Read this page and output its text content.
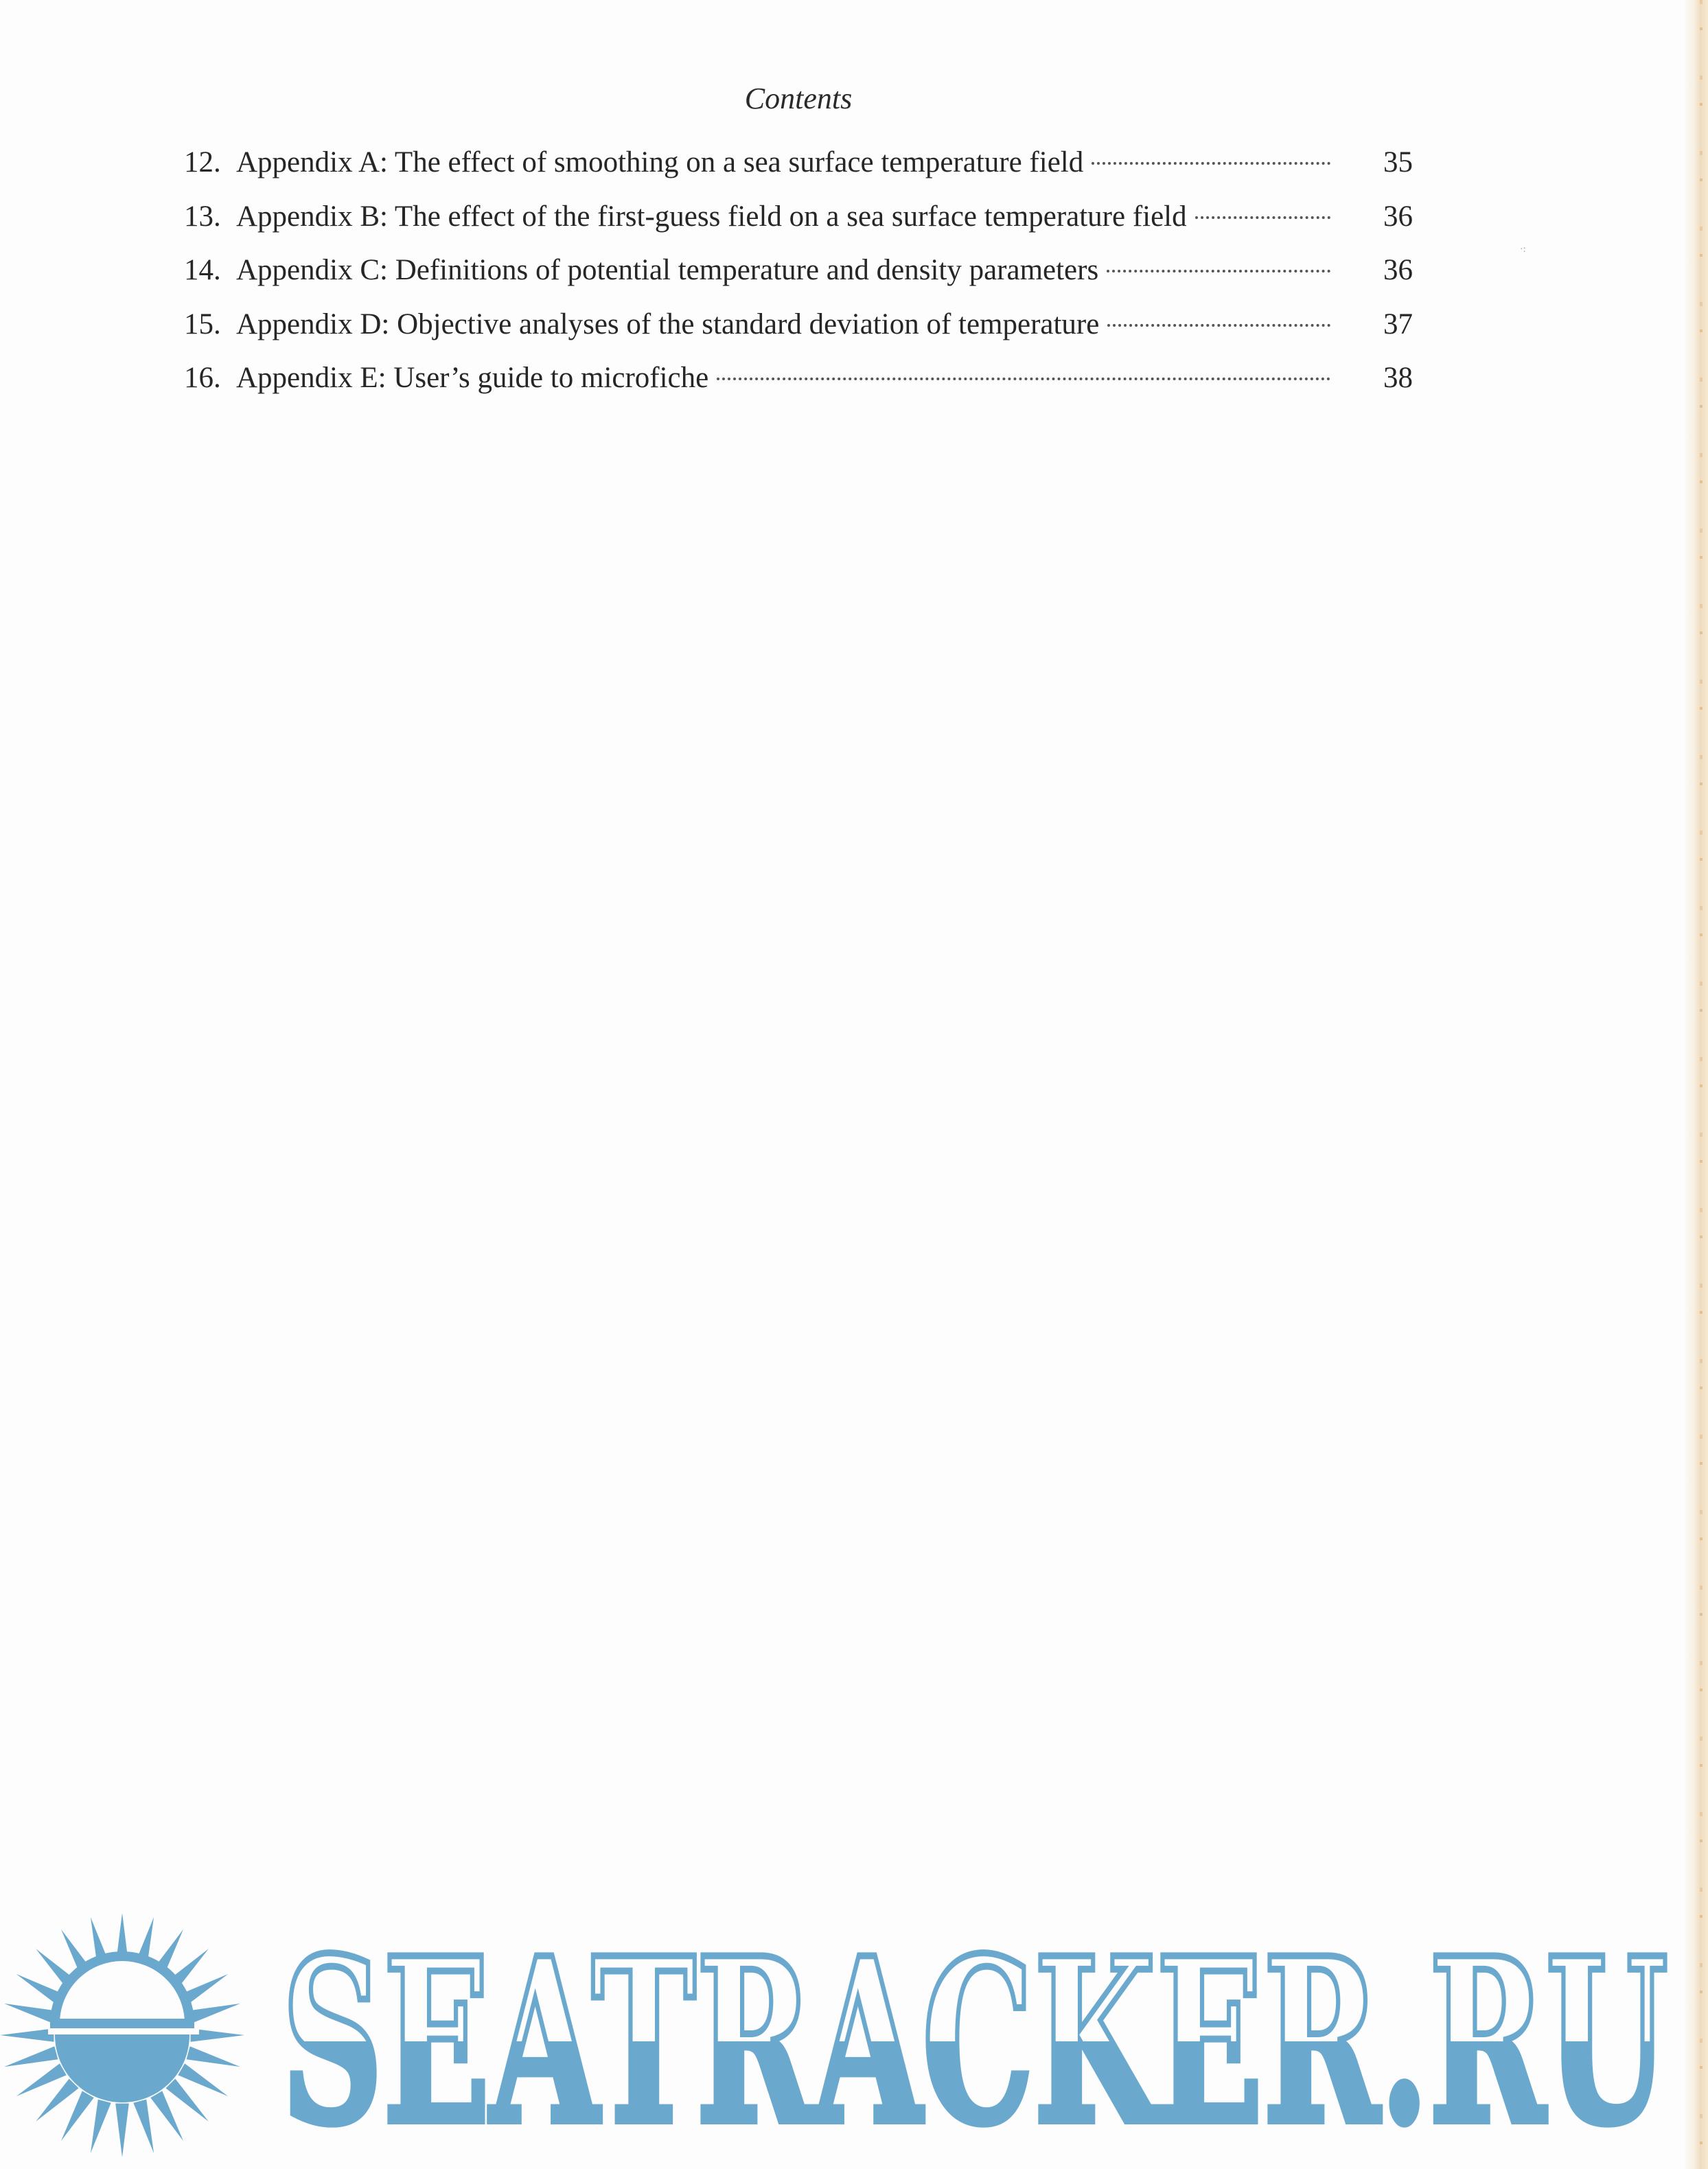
Contents
12. Appendix A: The effect of smoothing on a sea surface temperature field	35
13. Appendix B: The effect of the first-guess field on a sea surface temperature field	36
14. Appendix C: Definitions of potential temperature and density parameters	36
15. Appendix D: Objective analyses of the standard deviation of temperature	37
16. Appendix E: User’s guide to microfiche	38
·:
SEATRACKER.RU
